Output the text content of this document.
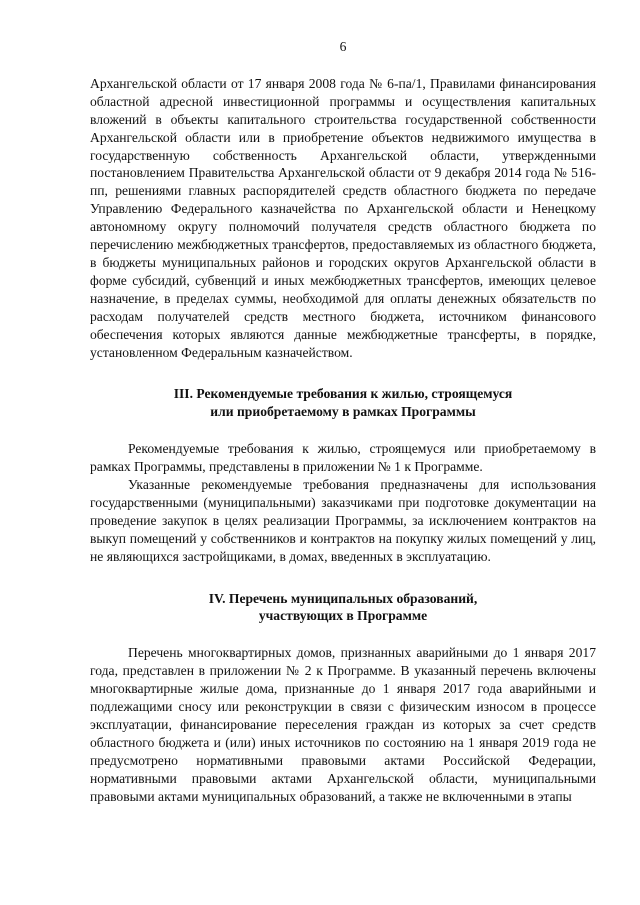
6

Архангельской области от 17 января 2008 года № 6-па/1, Правилами финансирования областной адресной инвестиционной программы и осуществления капитальных вложений в объекты капитального строительства государственной собственности Архангельской области или в приобретение объектов недвижимого имущества в государственную собственность Архангельской области, утвержденными постановлением Правительства Архангельской области от 9 декабря 2014 года № 516-пп, решениями главных распорядителей средств областного бюджета по передаче Управлению Федерального казначейства по Архангельской области и Ненецкому автономному округу полномочий получателя средств областного бюджета по перечислению межбюджетных трансфертов, предоставляемых из областного бюджета, в бюджеты муниципальных районов и городских округов Архангельской области в форме субсидий, субвенций и иных межбюджетных трансфертов, имеющих целевое назначение, в пределах суммы, необходимой для оплаты денежных обязательств по расходам получателей средств местного бюджета, источником финансового обеспечения которых являются данные межбюджетные трансферты, в порядке, установленном Федеральным казначейством.

III. Рекомендуемые требования к жилью, строящемуся
или приобретаемому в рамках Программы

Рекомендуемые требования к жилью, строящемуся или приобретаемому в рамках Программы, представлены в приложении № 1 к Программе.

Указанные рекомендуемые требования предназначены для использования государственными (муниципальными) заказчиками при подготовке документации на проведение закупок в целях реализации Программы, за исключением контрактов на выкуп помещений у собственников и контрактов на покупку жилых помещений у лиц, не являющихся застройщиками, в домах, введенных в эксплуатацию.

IV. Перечень муниципальных образований,
участвующих в Программе

Перечень многоквартирных домов, признанных аварийными до 1 января 2017 года, представлен в приложении № 2 к Программе. В указанный перечень включены многоквартирные жилые дома, признанные до 1 января 2017 года аварийными и подлежащими сносу или реконструкции в связи с физическим износом в процессе эксплуатации, финансирование переселения граждан из которых за счет средств областного бюджета и (или) иных источников по состоянию на 1 января 2019 года не предусмотрено нормативными правовыми актами Российской Федерации, нормативными правовыми актами Архангельской области, муниципальными правовыми актами муниципальных образований, а также не включенными в этапы
